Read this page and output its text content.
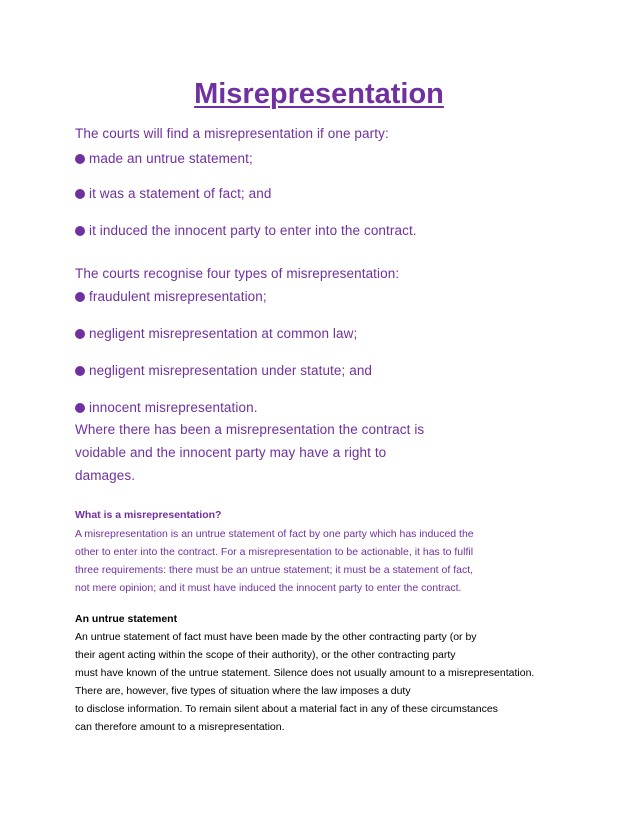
Misrepresentation
The courts will find a misrepresentation if one party:
made an untrue statement;
it was a statement of fact; and
it induced the innocent party to enter into the contract.
The courts recognise four types of misrepresentation:
fraudulent misrepresentation;
negligent misrepresentation at common law;
negligent misrepresentation under statute; and
innocent misrepresentation.
Where there has been a misrepresentation the contract is
voidable and the innocent party may have a right to
damages.
What is a misrepresentation?
A misrepresentation is an untrue statement of fact by one party which has induced the
other to enter into the contract. For a misrepresentation to be actionable, it has to fulfil
three requirements: there must be an untrue statement; it must be a statement of fact,
not mere opinion; and it must have induced the innocent party to enter the contract.
An untrue statement
An untrue statement of fact must have been made by the other contracting party (or by
their agent acting within the scope of their authority), or the other contracting party
must have known of the untrue statement. Silence does not usually amount to a misrepresentation.
There are, however, five types of situation where the law imposes a duty
to disclose information. To remain silent about a material fact in any of these circumstances
can therefore amount to a misrepresentation.
